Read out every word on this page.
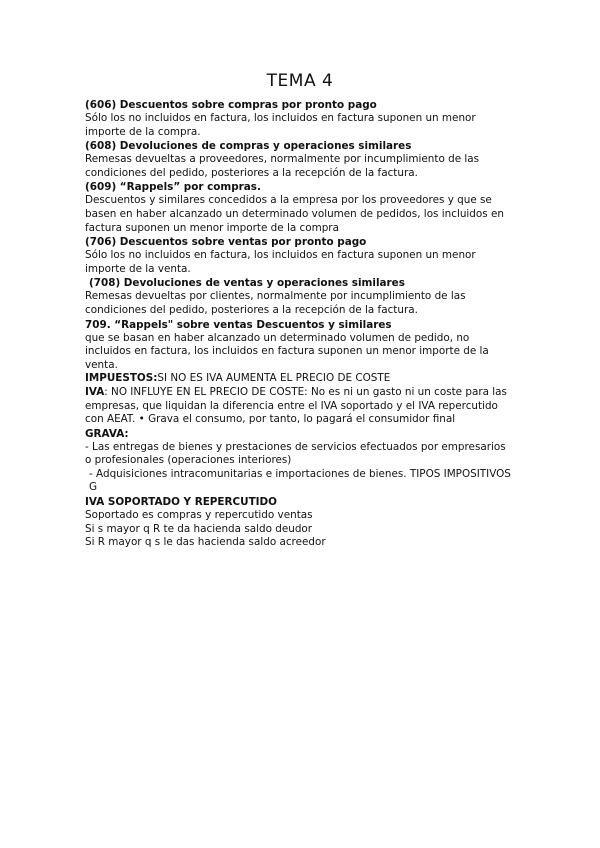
TEMA 4
(606) Descuentos sobre compras por pronto pago

Sólo los no incluidos en factura, los incluidos en factura suponen un menor importe de la compra.

(608) Devoluciones de compras y operaciones similares

Remesas devueltas a proveedores, normalmente por incumplimiento de las condiciones del pedido, posteriores a la recepción de la factura.

(609) “Rappels” por compras.

Descuentos y similares concedidos a la empresa por los proveedores y que se basen en haber alcanzado un determinado volumen de pedidos, los incluidos en factura suponen un menor importe de la compra

(706) Descuentos sobre ventas por pronto pago

Sólo los no incluidos en factura, los incluidos en factura suponen un menor importe de la venta.

(708) Devoluciones de ventas y operaciones similares

Remesas devueltas por clientes, normalmente por incumplimiento de las condiciones del pedido, posteriores a la recepción de la factura.

709. “Rappels" sobre ventas Descuentos y similares

que se basan en haber alcanzado un determinado volumen de pedido, no incluidos en factura, los incluidos en factura suponen un menor importe de la venta.

IMPUESTOS:SI NO ES IVA AUMENTA EL PRECIO DE COSTE

IVA: NO INFLUYE EN EL PRECIO DE COSTE: No es ni un gasto ni un coste para las empresas, que liquidan la diferencia entre el IVA soportado y el IVA repercutido con AEAT. • Grava el consumo, por tanto, lo pagará el consumidor final

GRAVA:

- Las entregas de bienes y prestaciones de servicios efectuados por empresarios o profesionales (operaciones interiores)

- Adquisiciones intracomunitarias e importaciones de bienes. TIPOS IMPOSITIVOS G

IVA SOPORTADO Y REPERCUTIDO

Soportado es compras y repercutido ventas

Si s mayor q R te da hacienda saldo deudor

Si R mayor q s le das hacienda saldo acreedor
